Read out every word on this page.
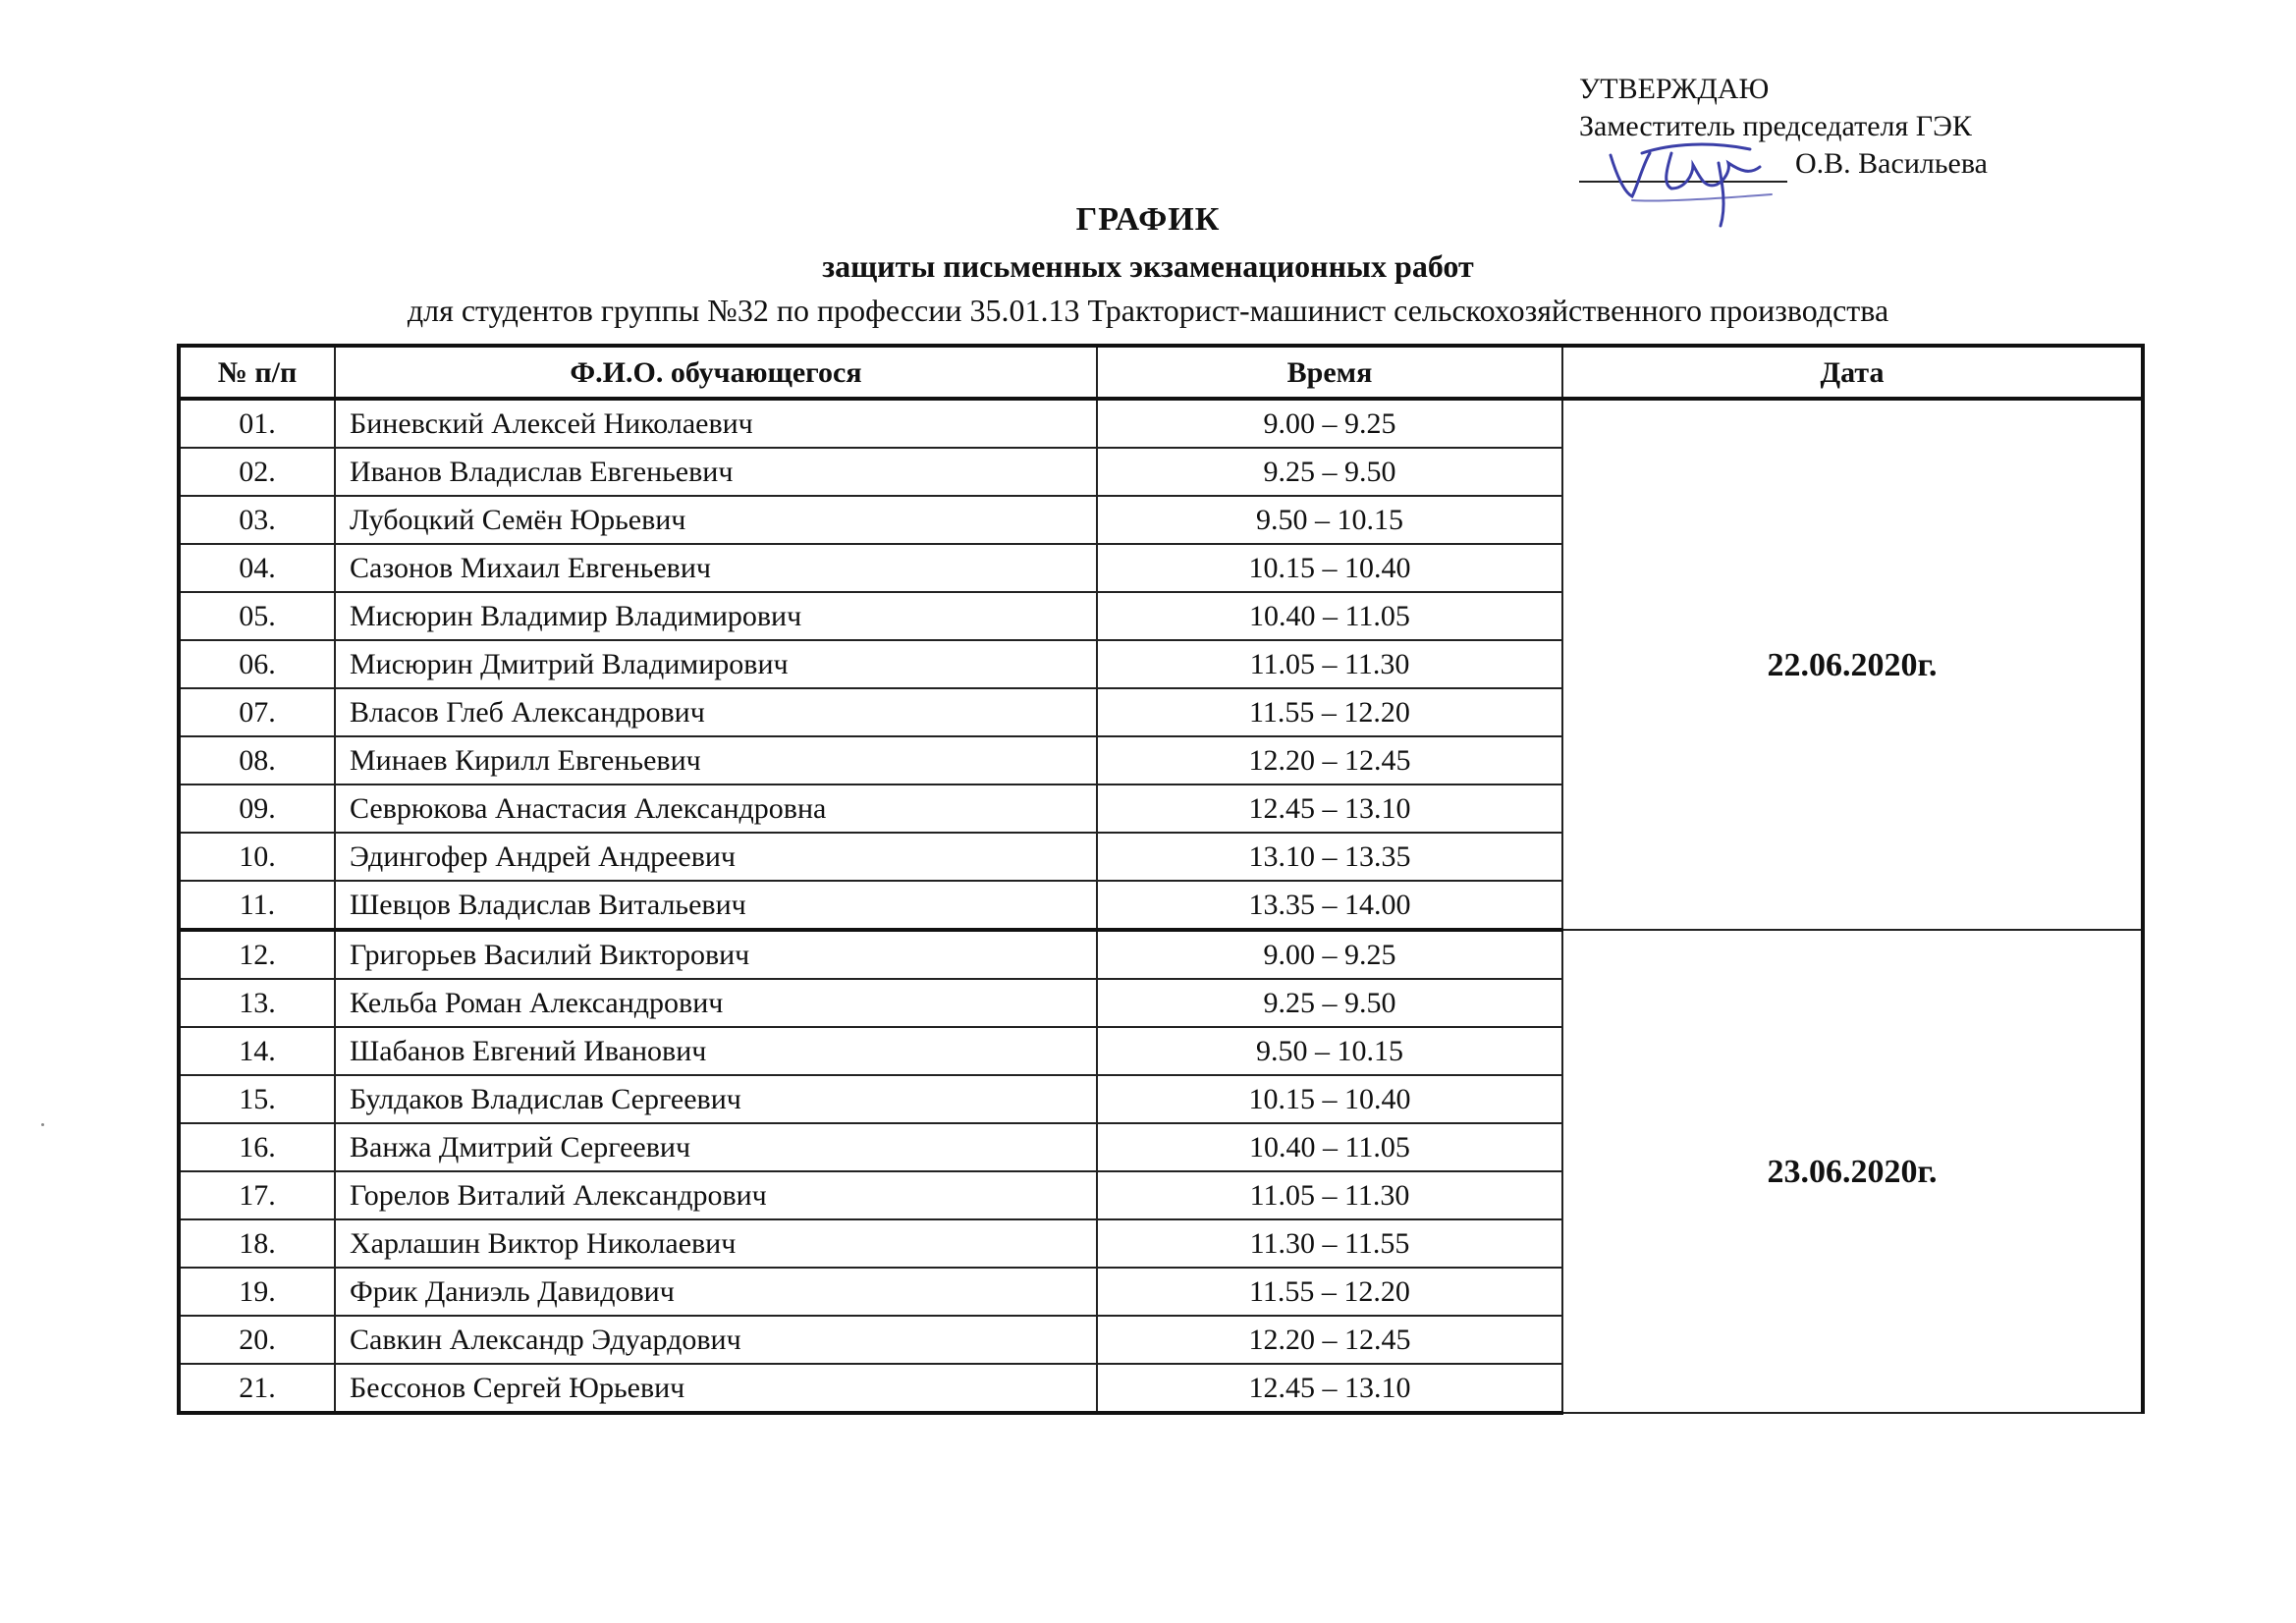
УТВЕРЖДАЮ
Заместитель председателя ГЭК
О.В. Васильева
ГРАФИК
защиты письменных экзаменационных работ
для студентов группы №32 по профессии 35.01.13 Тракторист-машинист сельскохозяйственного производства
№ п/п	Ф.И.О. обучающегося	Время	Дата
01.	Биневский Алексей Николаевич	9.00 – 9.25	22.06.2020г.
02.	Иванов Владислав Евгеньевич	9.25 – 9.50	
03.	Лубоцкий Семён Юрьевич	9.50 – 10.15	
04.	Сазонов Михаил Евгеньевич	10.15 – 10.40	
05.	Мисюрин Владимир Владимирович	10.40 – 11.05	
06.	Мисюрин Дмитрий Владимирович	11.05 – 11.30	
07.	Власов Глеб Александрович	11.55 – 12.20	
08.	Минаев Кирилл Евгеньевич	12.20 – 12.45	
09.	Севрюкова Анастасия Александровна	12.45 – 13.10	
10.	Эдингофер Андрей Андреевич	13.10 – 13.35	
11.	Шевцов Владислав Витальевич	13.35 – 14.00	
12.	Григорьев Василий Викторович	9.00 – 9.25	23.06.2020г.
13.	Кельба Роман Александрович	9.25 – 9.50	
14.	Шабанов Евгений Иванович	9.50 – 10.15	
15.	Булдаков Владислав Сергеевич	10.15 – 10.40	
16.	Ванжа Дмитрий Сергеевич	10.40 – 11.05	
17.	Горелов Виталий Александрович	11.05 – 11.30	
18.	Харлашин Виктор Николаевич	11.30 – 11.55	
19.	Фрик Даниэль Давидович	11.55 – 12.20	
20.	Савкин Александр Эдуардович	12.20 – 12.45	
21.	Бессонов Сергей Юрьевич	12.45 – 13.10	
